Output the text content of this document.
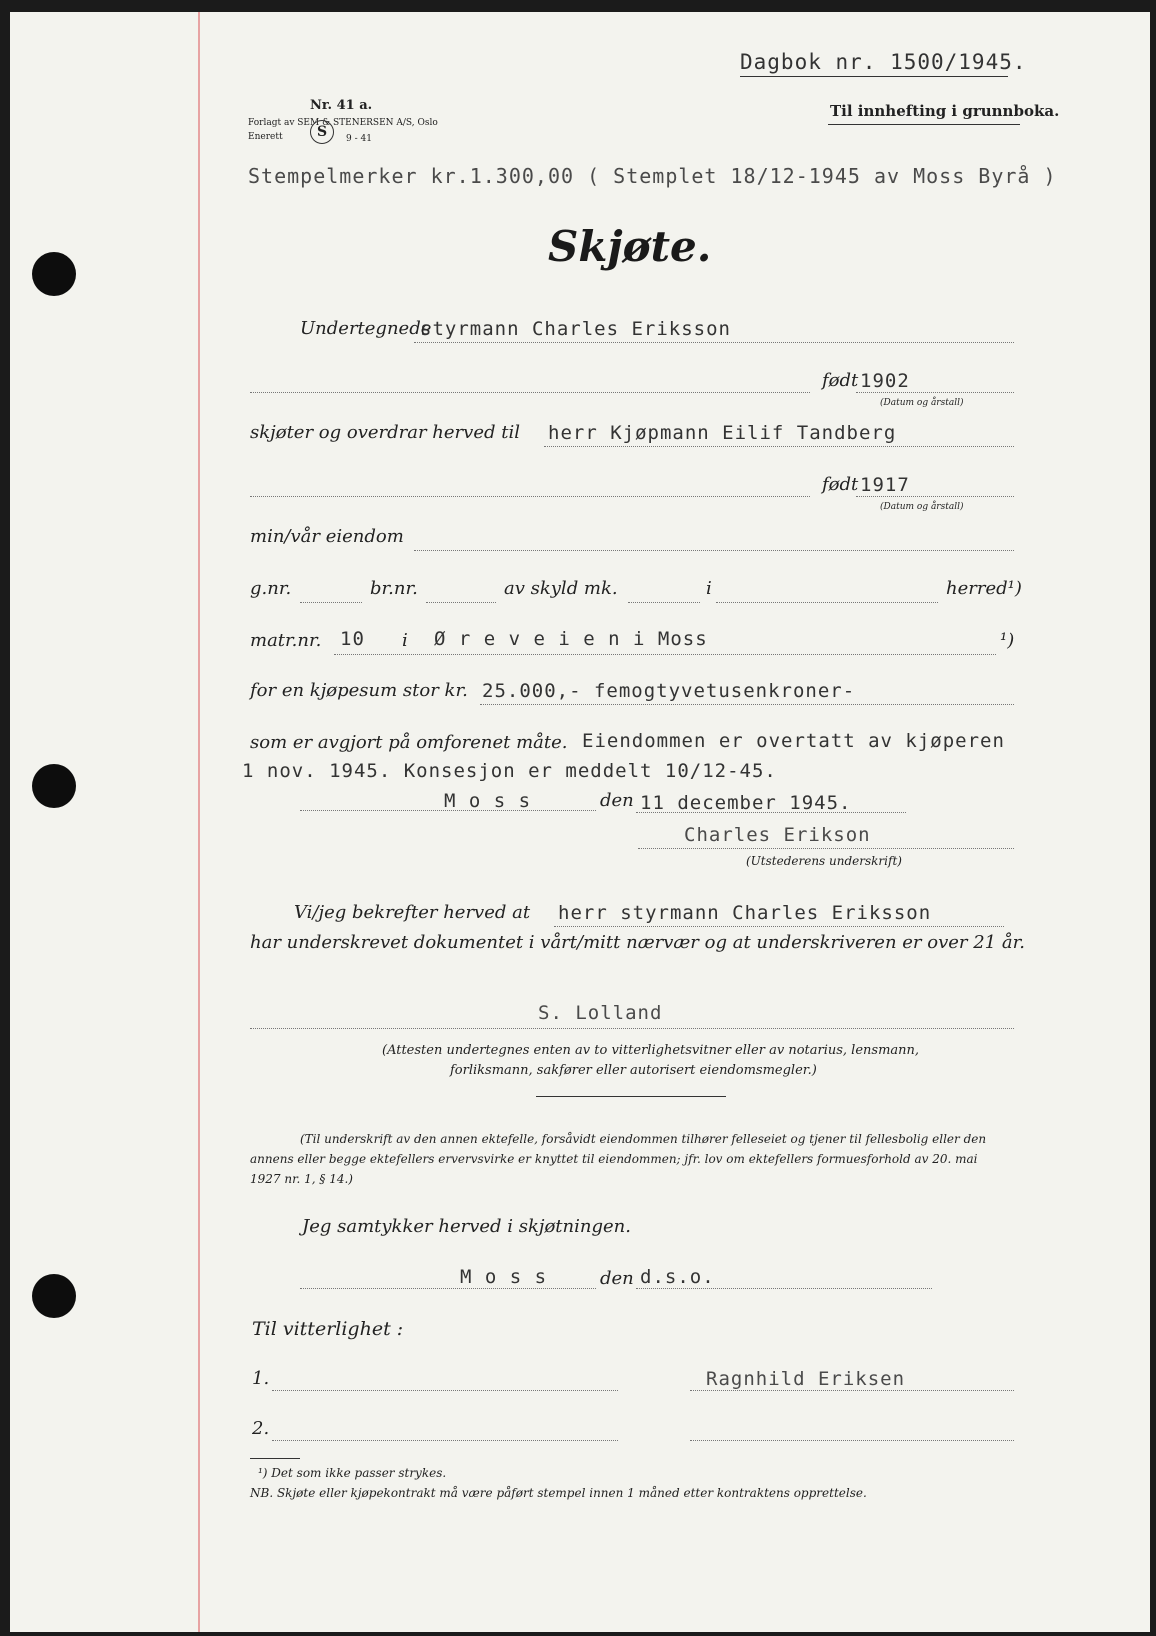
Dagbok nr. 1500/1945.
Til innhefting i grunnboka.
Nr. 41 a.
Forlagt av SEM & STENERSEN A/S, Oslo
Enerett	S	9 - 41
Stempelmerker kr.1.300,00 ( Stemplet 18/12-1945 av Moss Byrå )
Skjøte.
Undertegnede
styrmann Charles Eriksson
født 1902
(Datum og årstall)
skjøter og overdrar herved til herr Kjøpmann Eilif Tandberg
født 1917
(Datum og årstall)
min/vår eiendom
g.nr.	br.nr.	av skyld mk.	i	herred¹)
matr.nr. 10 i Ø r e v e i e n i Moss	¹)
for en kjøpesum stor kr. 25.000,- femogtyvetusenkroner-
som er avgjort på omforenet måte. Eiendommen er overtatt av kjøperen
1 nov. 1945. Konsesjon er meddelt 10/12-45.
M o s s	den 11 december 1945.
Charles Erikson
(Utstederens underskrift)
Vi/jeg bekrefter herved at herr styrmann Charles Eriksson
har underskrevet dokumentet i vårt/mitt nærvær og at underskriveren er over 21 år.
S. Lolland
(Attesten undertegnes enten av to vitterlighetsvitner eller av notarius, lensmann,
forliksmann, sakfører eller autorisert eiendomsmegler.)
(Til underskrift av den annen ektefelle, forsåvidt eiendommen tilhører felleseiet og tjener til fellesbolig eller den
annens eller begge ektefellers ervervsvirke er knyttet til eiendommen; jfr. lov om ektefellers formuesforhold av 20. mai
1927 nr. 1, § 14.)
Jeg samtykker herved i skjøtningen.
M o s s	den d.s.o.
Til vitterlighet :
1.	Ragnhild Eriksen
2.
¹) Det som ikke passer strykes.
NB. Skjøte eller kjøpekontrakt må være påført stempel innen 1 måned etter kontraktens opprettelse.
